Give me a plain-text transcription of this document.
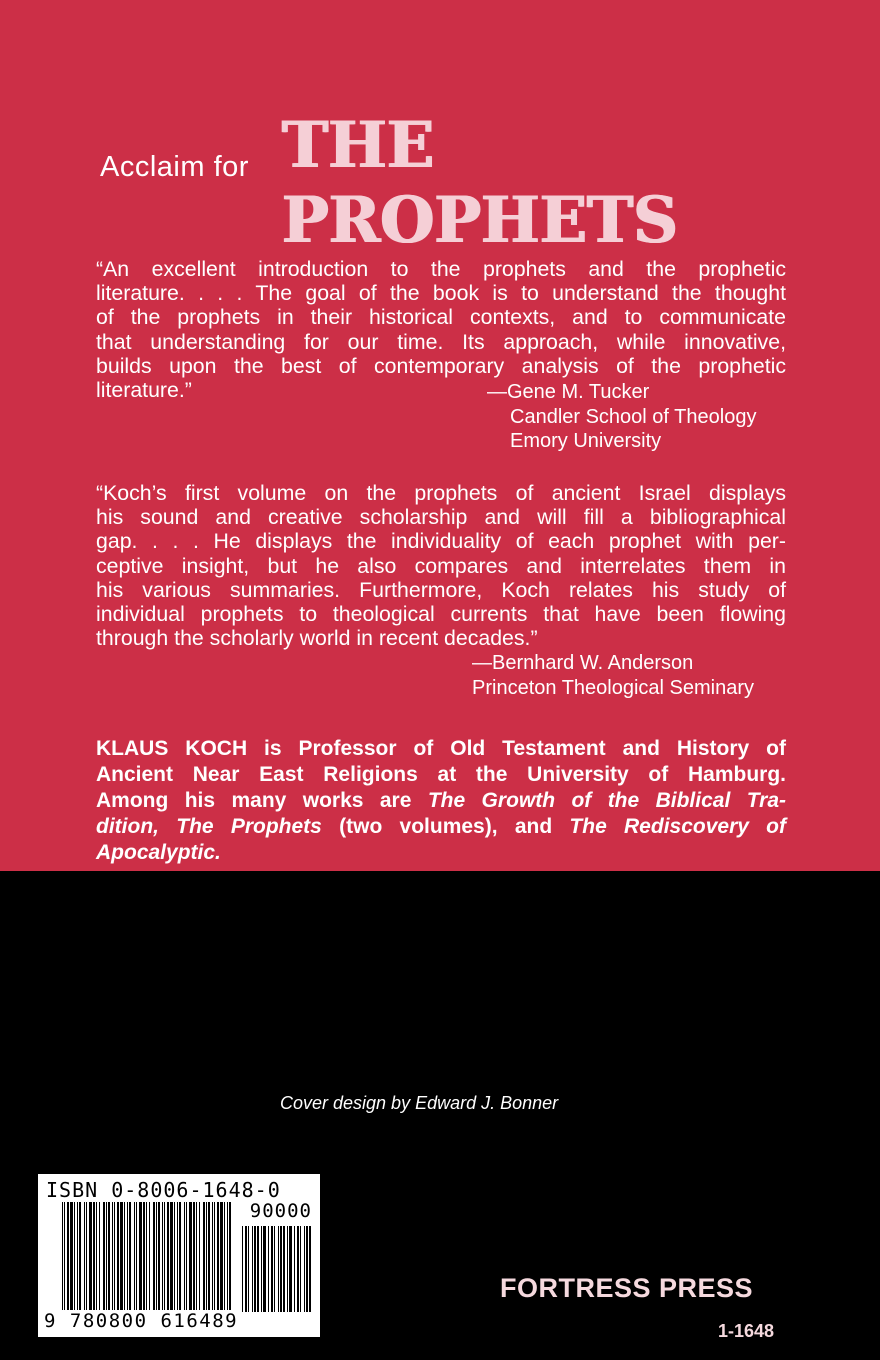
Acclaim for THE PROPHETS
“An excellent introduction to the prophets and the prophetic
literature. . . . The goal of the book is to understand the thought
of the prophets in their historical contexts, and to communicate
that understanding for our time. Its approach, while innovative,
builds upon the best of contemporary analysis of the prophetic
literature.”	—Gene M. Tucker
Candler School of Theology
Emory University
“Koch’s first volume on the prophets of ancient Israel displays
his sound and creative scholarship and will fill a bibliographical
gap. . . . He displays the individuality of each prophet with per-
ceptive insight, but he also compares and interrelates them in
his various summaries. Furthermore, Koch relates his study of
individual prophets to theological currents that have been flowing
through the scholarly world in recent decades.”
—Bernhard W. Anderson
Princeton Theological Seminary
KLAUS KOCH is Professor of Old Testament and History of
Ancient Near East Religions at the University of Hamburg.
Among his many works are The Growth of the Biblical Tra-
dition, The Prophets (two volumes), and The Rediscovery of
Apocalyptic.
Cover design by Edward J. Bonner
ISBN 0-8006-1648-0
90000
9 780800 616489
FORTRESS PRESS
1-1648
